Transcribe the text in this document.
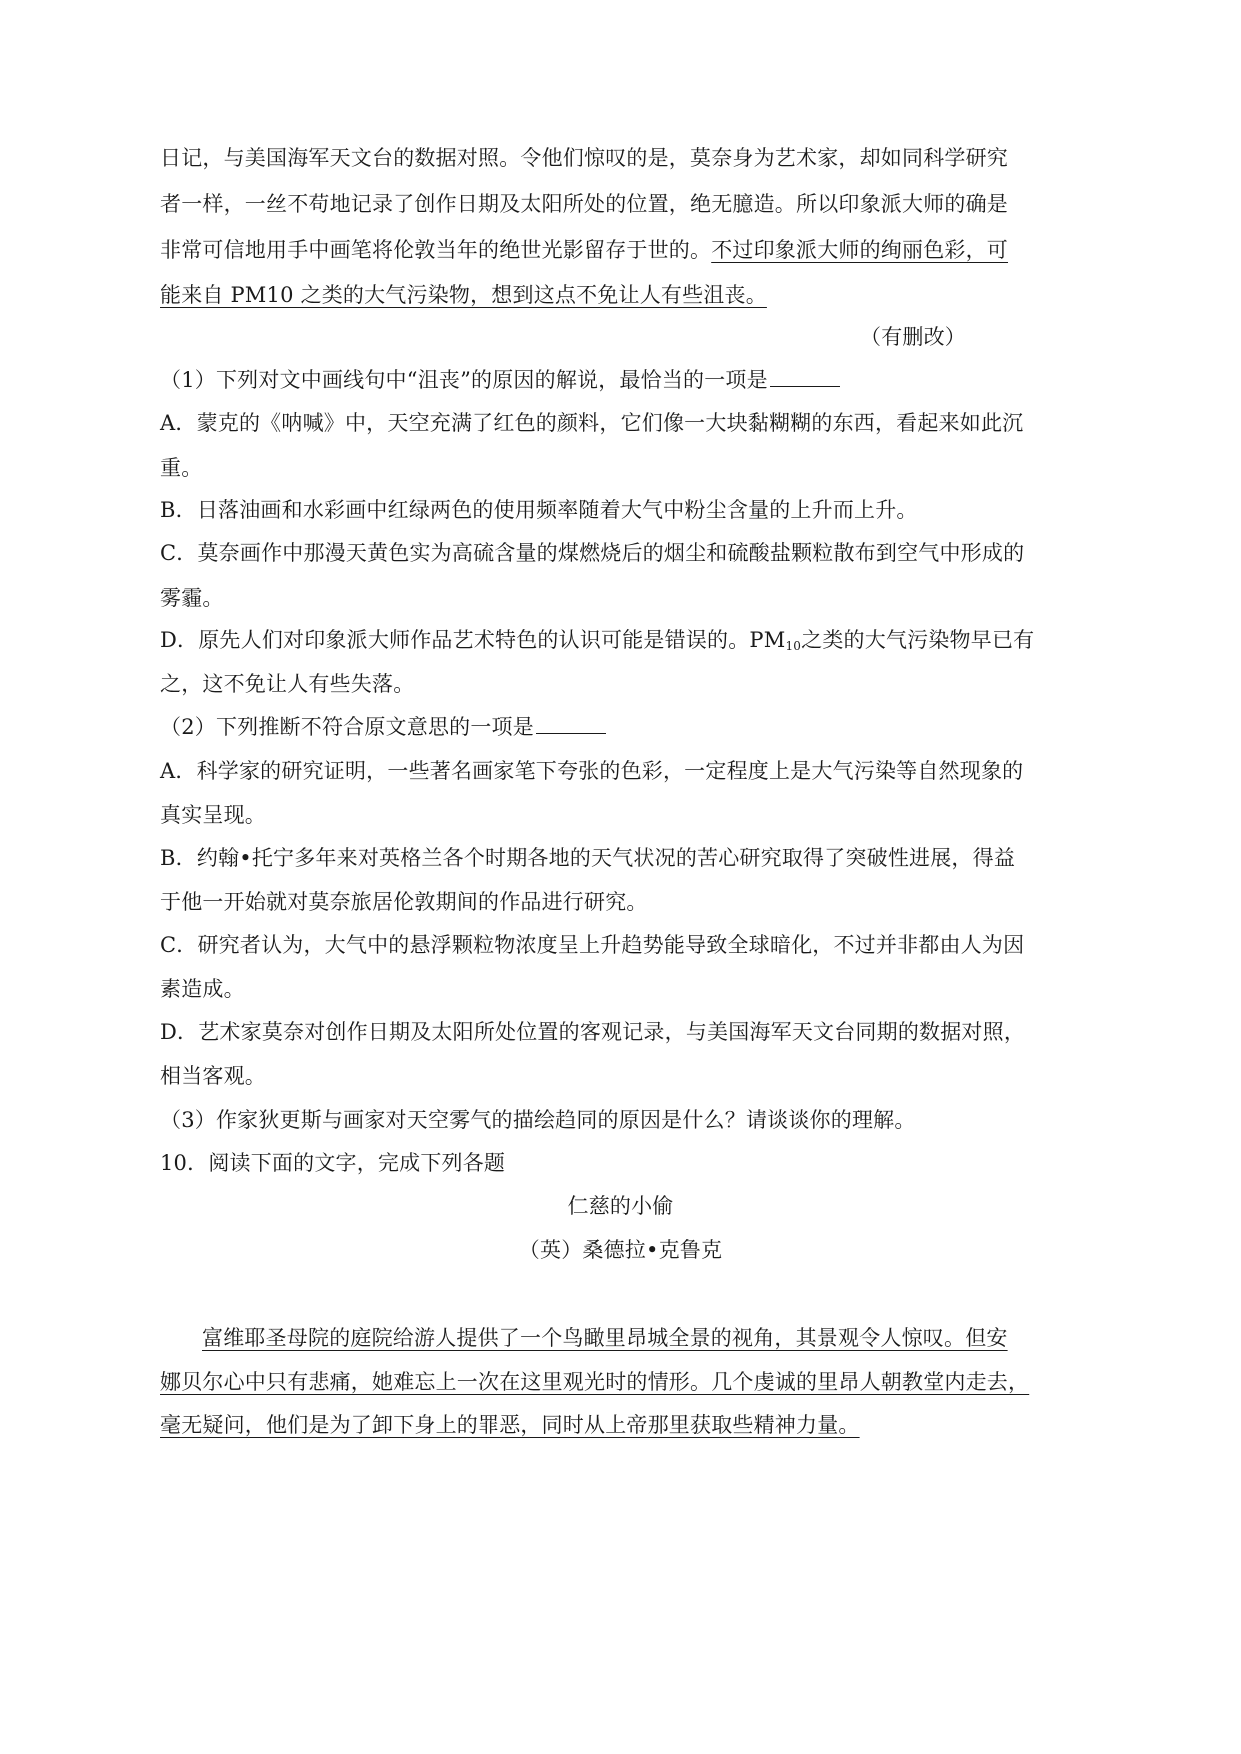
日记，与美国海军天文台的数据对照。令他们惊叹的是，莫奈身为艺术家，却如同科学研究
者一样，一丝不苟地记录了创作日期及太阳所处的位置，绝无臆造。所以印象派大师的确是
非常可信地用手中画笔将伦敦当年的绝世光影留存于世的。不过印象派大师的绚丽色彩，可
能来自 PM10 之类的大气污染物，想到这点不免让人有些沮丧。
（有删改）
（1）下列对文中画线句中“沮丧”的原因的解说，最恰当的一项是
A．蒙克的《呐喊》中，天空充满了红色的颜料，它们像一大块黏糊糊的东西，看起来如此沉
重。
B．日落油画和水彩画中红绿两色的使用频率随着大气中粉尘含量的上升而上升。
C．莫奈画作中那漫天黄色实为高硫含量的煤燃烧后的烟尘和硫酸盐颗粒散布到空气中形成的
雾霾。
D．原先人们对印象派大师作品艺术特色的认识可能是错误的。$PM_{10}$之类的大气污染物早已有
之，这不免让人有些失落。
（2）下列推断不符合原文意思的一项是
A．科学家的研究证明，一些著名画家笔下夸张的色彩，一定程度上是大气污染等自然现象的
真实呈现。
B．约翰•托宁多年来对英格兰各个时期各地的天气状况的苦心研究取得了突破性进展，得益
于他一开始就对莫奈旅居伦敦期间的作品进行研究。
C．研究者认为，大气中的悬浮颗粒物浓度呈上升趋势能导致全球暗化，不过并非都由人为因
素造成。
D．艺术家莫奈对创作日期及太阳所处位置的客观记录，与美国海军天文台同期的数据对照，
相当客观。
（3）作家狄更斯与画家对天空雾气的描绘趋同的原因是什么？请谈谈你的理解。
10．阅读下面的文字，完成下列各题
仁慈的小偷
（英）桑德拉•克鲁克
富维耶圣母院的庭院给游人提供了一个鸟瞰里昂城全景的视角，其景观令人惊叹。但安
娜贝尔心中只有悲痛，她难忘上一次在这里观光时的情形。几个虔诚的里昂人朝教堂内走去，
毫无疑问，他们是为了卸下身上的罪恶，同时从上帝那里获取些精神力量。
